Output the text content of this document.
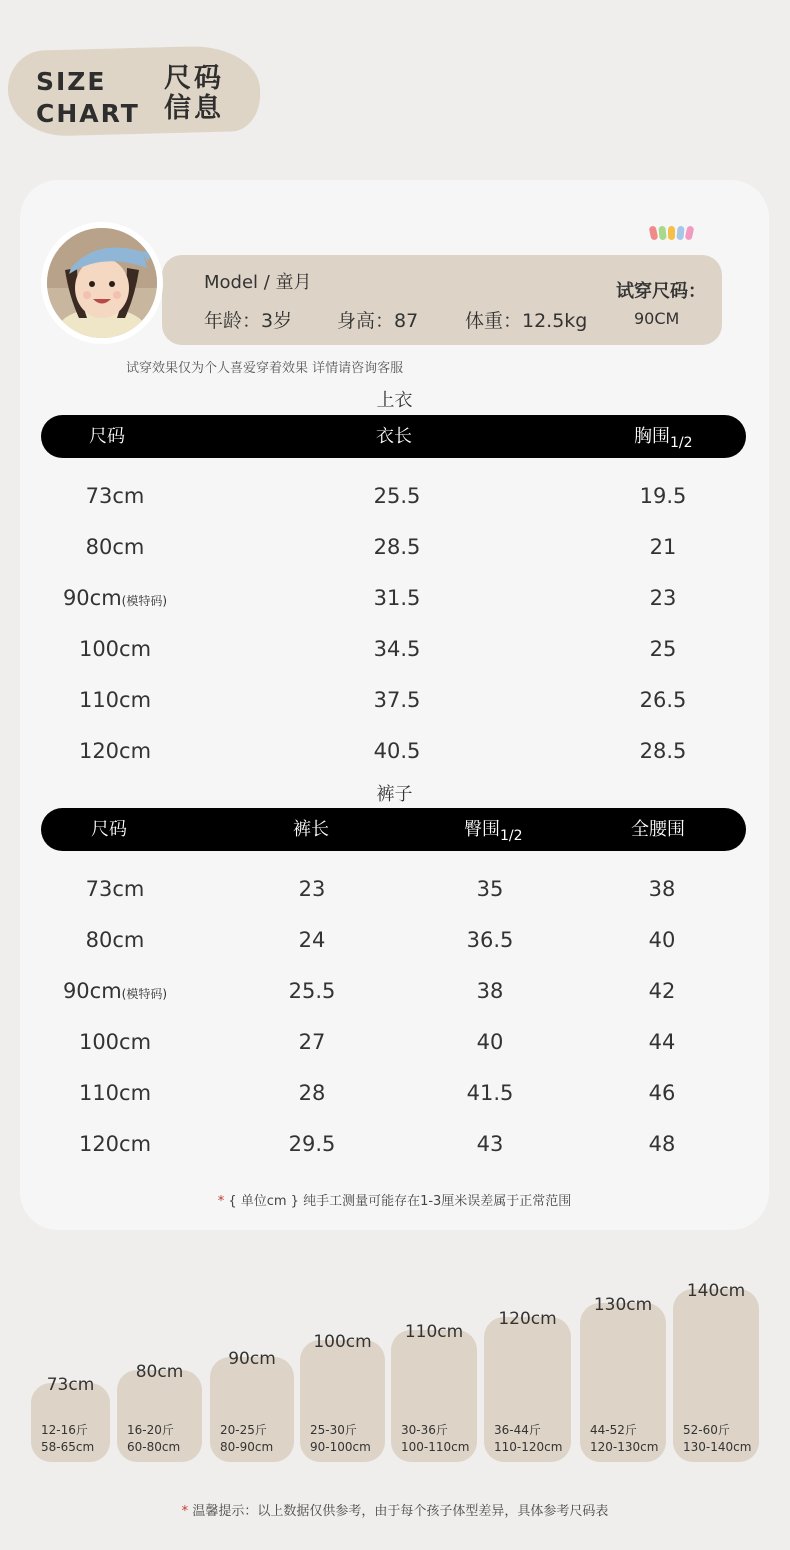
SIZE
CHART
尺码
信息
Model / 童月
年龄：3岁 身高：87 体重：12.5kg
试穿尺码：
90CM
试穿效果仅为个人喜爱穿着效果 详情请咨询客服
上衣
尺码	衣长	胸围1/2
73cm	25.5	19.5
80cm	28.5	21
90cm(模特码)	31.5	23
100cm	34.5	25
110cm	37.5	26.5
120cm	40.5	28.5
裤子
尺码	裤长	臀围1/2	全腰围
73cm	23	35	38
80cm	24	36.5	40
90cm(模特码)	25.5	38	42
100cm	27	40	44
110cm	28	41.5	46
120cm	29.5	43	48
* { 单位cm } 纯手工测量可能存在1-3厘米误差属于正常范围
73cm
12-16斤
58-65cm
80cm
16-20斤
60-80cm
90cm
20-25斤
80-90cm
100cm
25-30斤
90-100cm
110cm
30-36斤
100-110cm
120cm
36-44斤
110-120cm
130cm
44-52斤
120-130cm
140cm
52-60斤
130-140cm
* 温馨提示：以上数据仅供参考，由于每个孩子体型差异，具体参考尺码表
